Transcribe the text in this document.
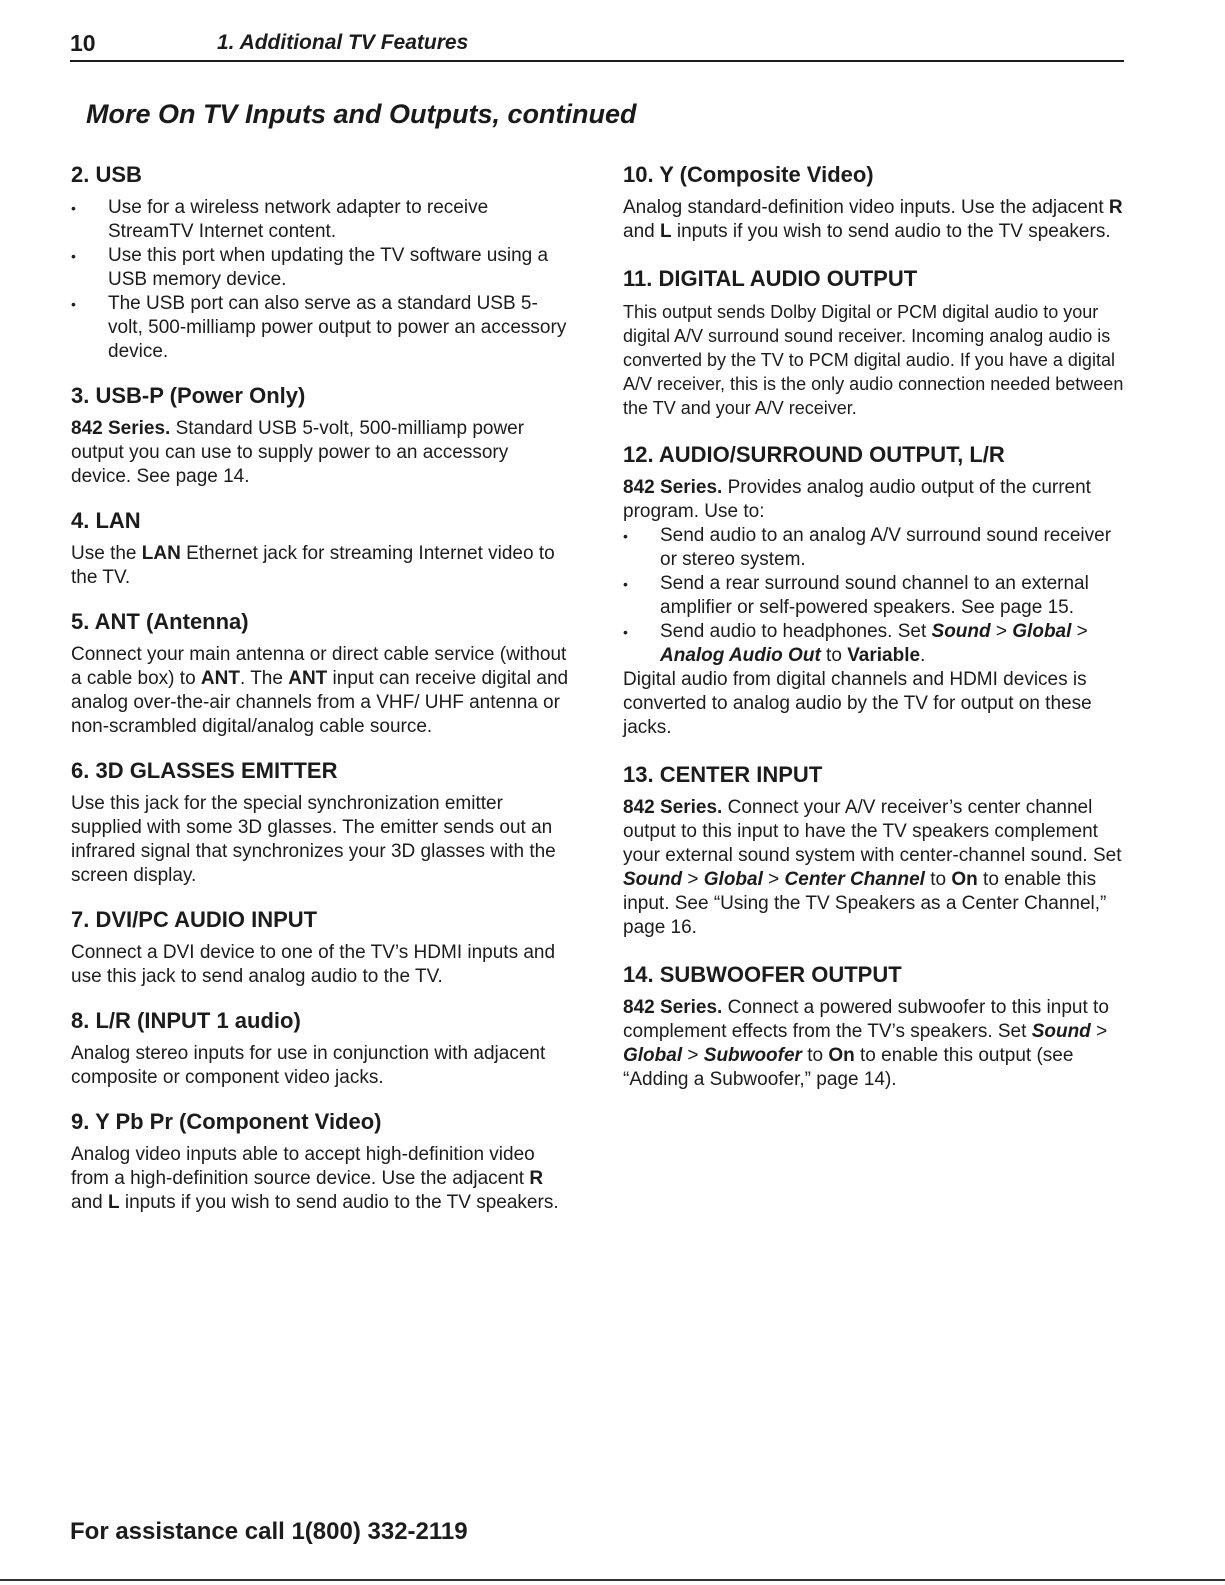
10	1. Additional TV Features
More On TV Inputs and Outputs, continued
2. USB
• Use for a wireless network adapter to receive StreamTV Internet content.
• Use this port when updating the TV software using a USB memory device.
• The USB port can also serve as a standard USB 5-volt, 500-milliamp power output to power an accessory device.
3. USB-P (Power Only)

842 Series. Standard USB 5-volt, 500-milliamp power output you can use to supply power to an accessory device. See page 14.

4. LAN

Use the LAN Ethernet jack for streaming Internet video to the TV.

5. ANT (Antenna)

Connect your main antenna or direct cable service (without a cable box) to ANT. The ANT input can receive digital and analog over-the-air channels from a VHF/ UHF antenna or non-scrambled digital/analog cable source.

6. 3D GLASSES EMITTER

Use this jack for the special synchronization emitter supplied with some 3D glasses. The emitter sends out an infrared signal that synchronizes your 3D glasses with the screen display.

7. DVI/PC AUDIO INPUT

Connect a DVI device to one of the TV’s HDMI inputs and use this jack to send analog audio to the TV.

8. L/R (INPUT 1 audio)

Analog stereo inputs for use in conjunction with adjacent composite or component video jacks.

9. Y Pb Pr (Component Video)

Analog video inputs able to accept high-definition video from a high-definition source device. Use the adjacent R and L inputs if you wish to send audio to the TV speakers.

10. Y (Composite Video)

Analog standard-definition video inputs. Use the adjacent R and L inputs if you wish to send audio to the TV speakers.

11. DIGITAL AUDIO OUTPUT

This output sends Dolby Digital or PCM digital audio to your digital A/V surround sound receiver. Incoming analog audio is converted by the TV to PCM digital audio. If you have a digital A/V receiver, this is the only audio connection needed between the TV and your A/V receiver.

12. AUDIO/SURROUND OUTPUT, L/R

842 Series. Provides analog audio output of the current program. Use to:

• Send audio to an analog A/V surround sound receiver or stereo system.
• Send a rear surround sound channel to an external amplifier or self-powered speakers. See page 15.
• Send audio to headphones. Set Sound > Global > Analog Audio Out to Variable.

Digital audio from digital channels and HDMI devices is converted to analog audio by the TV for output on these jacks.

13. CENTER INPUT

842 Series. Connect your A/V receiver’s center channel output to this input to have the TV speakers complement your external sound system with center-channel sound. Set Sound > Global > Center Channel to On to enable this input. See “Using the TV Speakers as a Center Channel,” page 16.

14. SUBWOOFER OUTPUT

842 Series. Connect a powered subwoofer to this input to complement effects from the TV’s speakers. Set Sound > Global > Subwoofer to On to enable this output (see “Adding a Subwoofer,” page 14).

For assistance call 1(800) 332-2119
